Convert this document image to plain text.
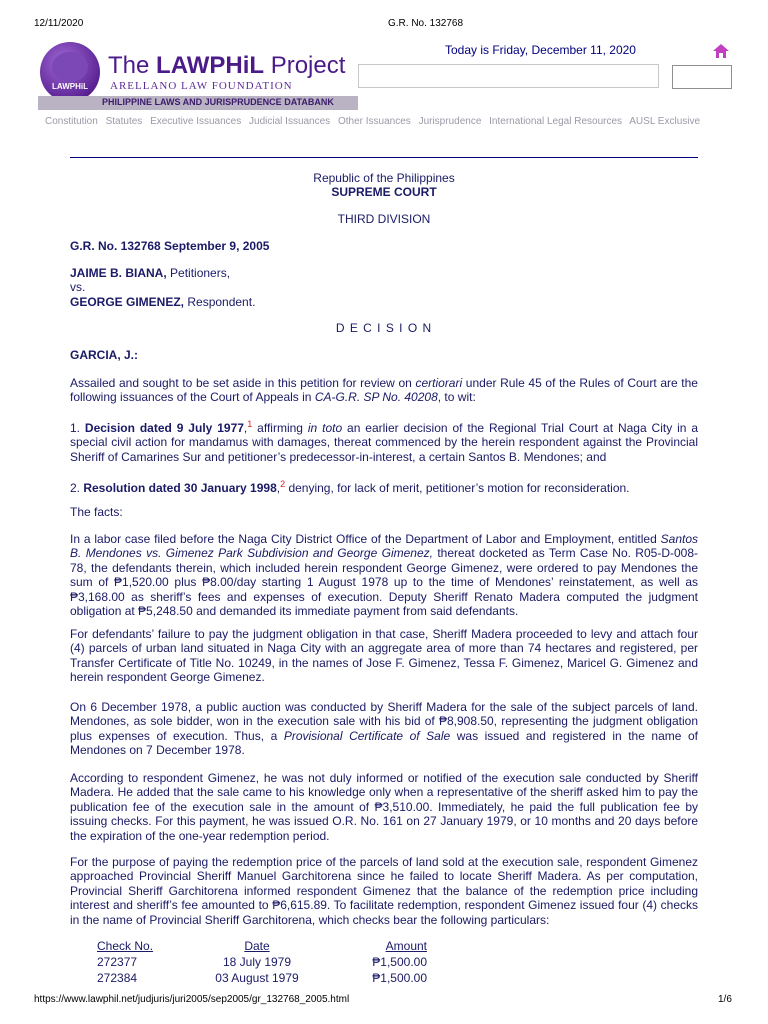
12/11/2020	G.R. No. 132768
LAWPHiL
The LAWPHiL Project
ARELLANO LAW FOUNDATION
PHILIPPINE LAWS AND JURISPRUDENCE DATABANK
Today is Friday, December 11, 2020
Constitution Statutes Executive Issuances Judicial Issuances Other Issuances Jurisprudence International Legal Resources AUSL Exclusive
Republic of the Philippines
SUPREME COURT
THIRD DIVISION
G.R. No. 132768 September 9, 2005
JAIME B. BIANA, Petitioners,
vs.
GEORGE GIMENEZ, Respondent.
D E C I S I O N
GARCIA, J.:

Assailed and sought to be set aside in this petition for review on certiorari under Rule 45 of the Rules of Court are the following issuances of the Court of Appeals in CA-G.R. SP No. 40208, to wit:

1. Decision dated 9 July 1977,$^1$ affirming in toto an earlier decision of the Regional Trial Court at Naga City in a special civil action for mandamus with damages, thereat commenced by the herein respondent against the Provincial Sheriff of Camarines Sur and petitioner’s predecessor-in-interest, a certain Santos B. Mendones; and

2. Resolution dated 30 January 1998,$^2$ denying, for lack of merit, petitioner’s motion for reconsideration.

The facts:

In a labor case filed before the Naga City District Office of the Department of Labor and Employment, entitled Santos B. Mendones vs. Gimenez Park Subdivision and George Gimenez, thereat docketed as Term Case No. R05-D-008-78, the defendants therein, which included herein respondent George Gimenez, were ordered to pay Mendones the sum of ₱1,520.00 plus ₱8.00/day starting 1 August 1978 up to the time of Mendones’ reinstatement, as well as ₱3,168.00 as sheriff’s fees and expenses of execution. Deputy Sheriff Renato Madera computed the judgment obligation at ₱5,248.50 and demanded its immediate payment from said defendants.

For defendants’ failure to pay the judgment obligation in that case, Sheriff Madera proceeded to levy and attach four (4) parcels of urban land situated in Naga City with an aggregate area of more than 74 hectares and registered, per Transfer Certificate of Title No. 10249, in the names of Jose F. Gimenez, Tessa F. Gimenez, Maricel G. Gimenez and herein respondent George Gimenez.

On 6 December 1978, a public auction was conducted by Sheriff Madera for the sale of the subject parcels of land. Mendones, as sole bidder, won in the execution sale with his bid of ₱8,908.50, representing the judgment obligation plus expenses of execution. Thus, a Provisional Certificate of Sale was issued and registered in the name of Mendones on 7 December 1978.

According to respondent Gimenez, he was not duly informed or notified of the execution sale conducted by Sheriff Madera. He added that the sale came to his knowledge only when a representative of the sheriff asked him to pay the publication fee of the execution sale in the amount of ₱3,510.00. Immediately, he paid the full publication fee by issuing checks. For this payment, he was issued O.R. No. 161 on 27 January 1979, or 10 months and 20 days before the expiration of the one-year redemption period.

For the purpose of paying the redemption price of the parcels of land sold at the execution sale, respondent Gimenez approached Provincial Sheriff Manuel Garchitorena since he failed to locate Sheriff Madera. As per computation, Provincial Sheriff Garchitorena informed respondent Gimenez that the balance of the redemption price including interest and sheriff’s fee amounted to ₱6,615.89. To facilitate redemption, respondent Gimenez issued four (4) checks in the name of Provincial Sheriff Garchitorena, which checks bear the following particulars:

Check No.	Date	Amount
272377	18 July 1979	₱1,500.00
272384	03 August 1979	₱1,500.00
https://www.lawphil.net/judjuris/juri2005/sep2005/gr_132768_2005.html	1/6
